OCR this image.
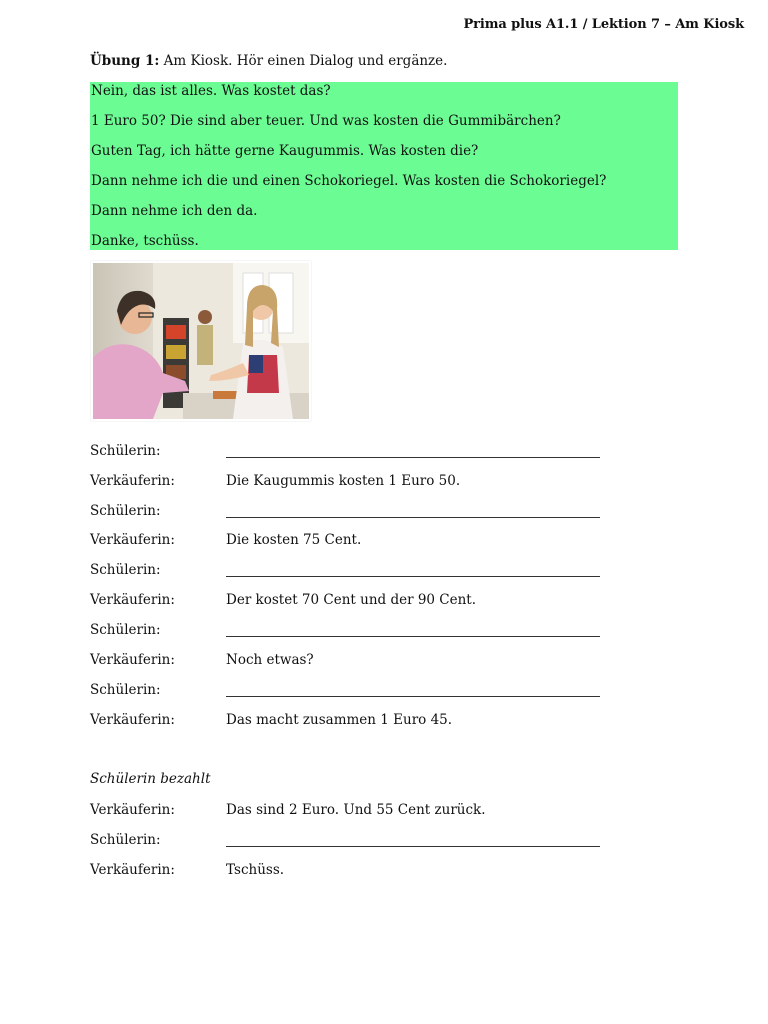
Prima plus A1.1 / Lektion 7 – Am Kiosk
Übung 1: Am Kiosk. Hör einen Dialog und ergänze.
Nein, das ist alles. Was kostet das?
1 Euro 50? Die sind aber teuer. Und was kosten die Gummibärchen?
Guten Tag, ich hätte gerne Kaugummis. Was kosten die?
Dann nehme ich die und einen Schokoriegel. Was kosten die Schokoriegel?
Dann nehme ich den da.
Danke, tschüss.
Schülerin:
Verkäuferin:	Die Kaugummis kosten 1 Euro 50.
Schülerin:
Verkäuferin:	Die kosten 75 Cent.
Schülerin:
Verkäuferin:	Der kostet 70 Cent und der 90 Cent.
Schülerin:
Verkäuferin:	Noch etwas?
Schülerin:
Verkäuferin:	Das macht zusammen 1 Euro 45.
Schülerin bezahlt
Verkäuferin:	Das sind 2 Euro. Und 55 Cent zurück.
Schülerin:
Verkäuferin:	Tschüss.
